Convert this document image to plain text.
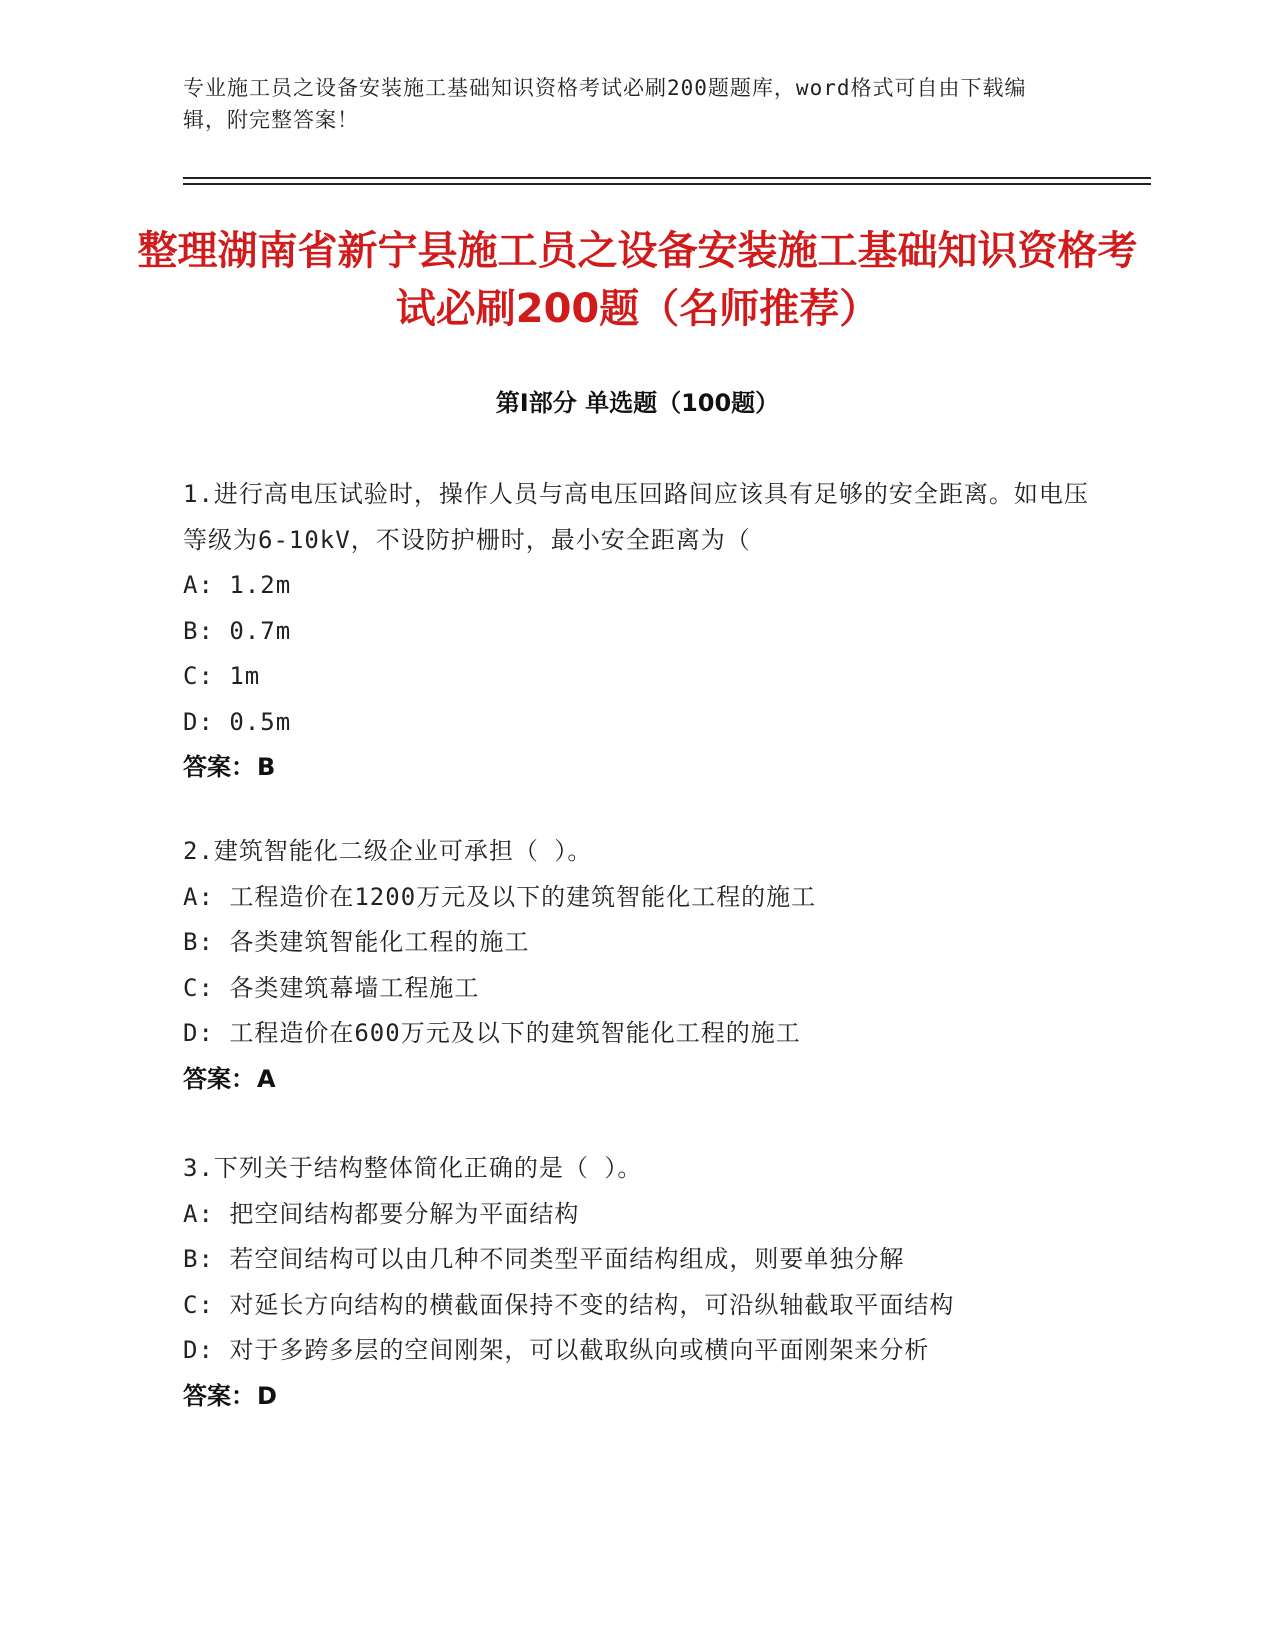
专业施工员之设备安装施工基础知识资格考试必刷200题题库，word格式可自由下载编辑，附完整答案！
整理湖南省新宁县施工员之设备安装施工基础知识资格考试必刷200题（名师推荐）
第Ⅰ部分 单选题（100题）
1.进行高电压试验时，操作人员与高电压回路间应该具有足够的安全距离。如电压等级为6-10kV，不设防护栅时，最小安全距离为（
A: 1.2m
B: 0.7m
C: 1m
D: 0.5m
答案：B
2.建筑智能化二级企业可承担（ ）。
A: 工程造价在1200万元及以下的建筑智能化工程的施工
B: 各类建筑智能化工程的施工
C: 各类建筑幕墙工程施工
D: 工程造价在600万元及以下的建筑智能化工程的施工
答案：A
3.下列关于结构整体简化正确的是（ ）。
A: 把空间结构都要分解为平面结构
B: 若空间结构可以由几种不同类型平面结构组成，则要单独分解
C: 对延长方向结构的横截面保持不变的结构，可沿纵轴截取平面结构
D: 对于多跨多层的空间刚架，可以截取纵向或横向平面刚架来分析
答案：D
